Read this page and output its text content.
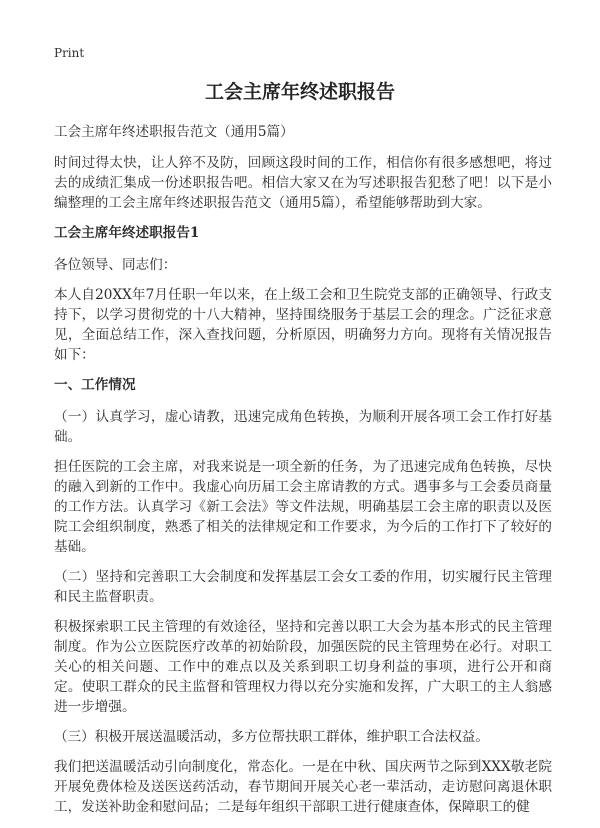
Print
工会主席年终述职报告

工会主席年终述职报告范文（通用5篇）

时间过得太快，让人猝不及防，回顾这段时间的工作，相信你有很多感想吧，将过去的成绩汇集成一份述职报告吧。相信大家又在为写述职报告犯愁了吧！以下是小编整理的工会主席年终述职报告范文（通用5篇），希望能够帮助到大家。

工会主席年终述职报告1

各位领导、同志们：

本人自20XX年7月任职一年以来，在上级工会和卫生院党支部的正确领导、行政支持下，以学习贯彻党的十八大精神，坚持围绕服务于基层工会的理念。广泛征求意见，全面总结工作，深入查找问题，分析原因，明确努力方向。现将有关情况报告如下：

一、工作情况

（一）认真学习，虚心请教，迅速完成角色转换，为顺利开展各项工会工作打好基础。

担任医院的工会主席，对我来说是一项全新的任务，为了迅速完成角色转换，尽快的融入到新的工作中。我虚心向历届工会主席请教的方式。遇事多与工会委员商量的工作方法。认真学习《新工会法》等文件法规，明确基层工会主席的职责以及医院工会组织制度，熟悉了相关的法律规定和工作要求，为今后的工作打下了较好的基础。

（二）坚持和完善职工大会制度和发挥基层工会女工委的作用，切实履行民主管理和民主监督职责。

积极探索职工民主管理的有效途径，坚持和完善以职工大会为基本形式的民主管理制度。作为公立医院医疗改革的初始阶段，加强医院的民主管理势在必行。对职工关心的相关问题、工作中的难点以及关系到职工切身利益的事项，进行公开和商定。使职工群众的民主监督和管理权力得以充分实施和发挥，广大职工的主人翁感进一步增强。

（三）积极开展送温暖活动，多方位帮扶职工群体，维护职工合法权益。

我们把送温暖活动引向制度化，常态化。一是在中秋、国庆两节之际到XXX敬老院开展免费体检及送医送药活动，春节期间开展关心老一辈活动，走访慰问离退休职工，发送补助金和慰问品；二是每年组织干部职工进行健康查体，保障职工的健
